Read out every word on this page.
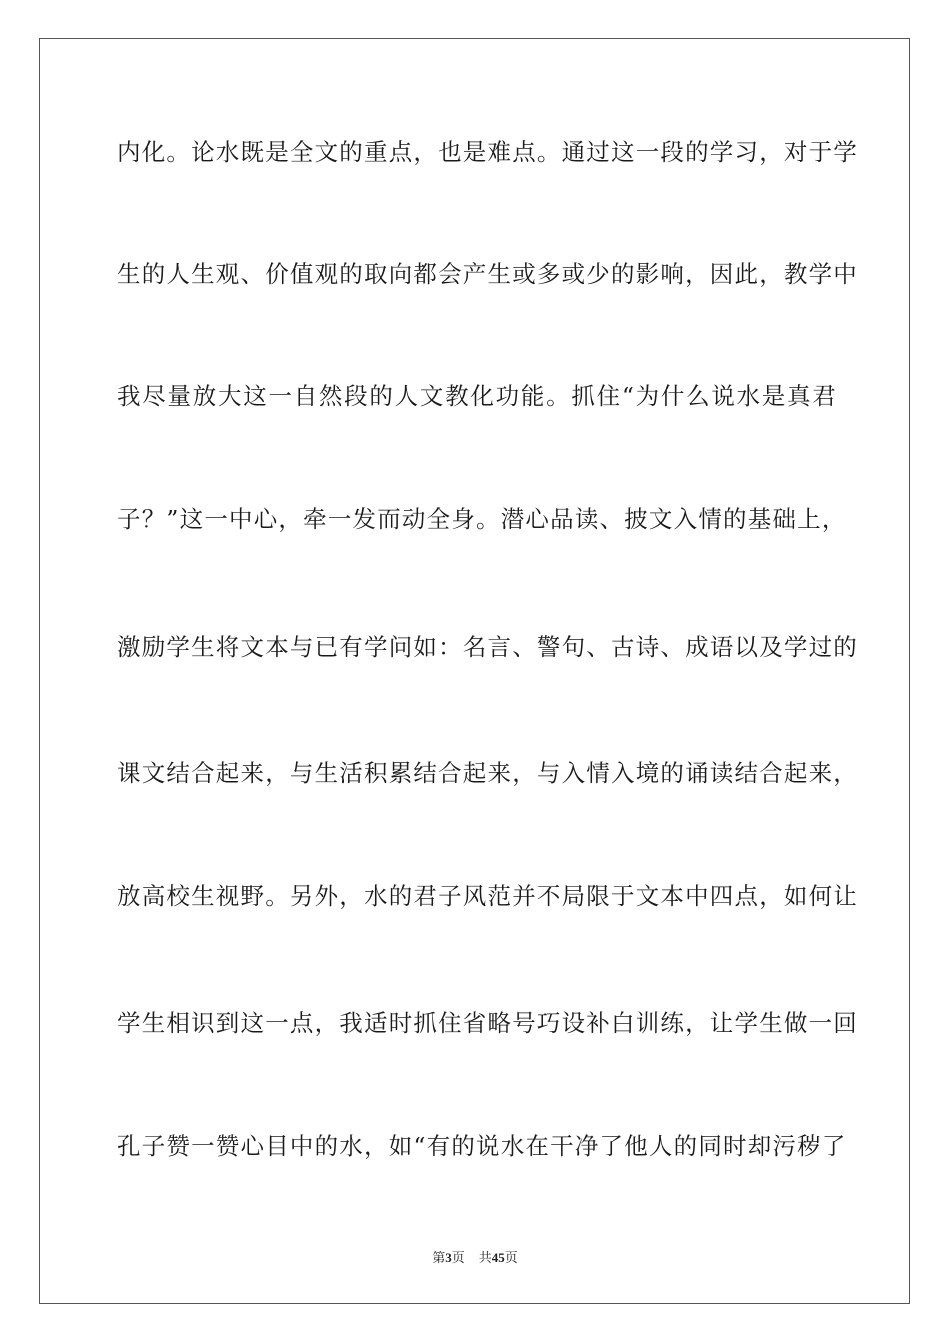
内化。论水既是全文的重点，也是难点。通过这一段的学习，对于学
生的人生观、价值观的取向都会产生或多或少的影响，因此，教学中
我尽量放大这一自然段的人文教化功能。抓住“为什么说水是真君
子？”这一中心，牵一发而动全身。潜心品读、披文入情的基础上，
激励学生将文本与已有学问如：名言、警句、古诗、成语以及学过的
课文结合起来，与生活积累结合起来，与入情入境的诵读结合起来，
放高校生视野。另外，水的君子风范并不局限于文本中四点，如何让
学生相识到这一点，我适时抓住省略号巧设补白训练，让学生做一回
孔子赞一赞心目中的水，如“有的说水在干净了他人的同时却污秽了
第3页 共45页
